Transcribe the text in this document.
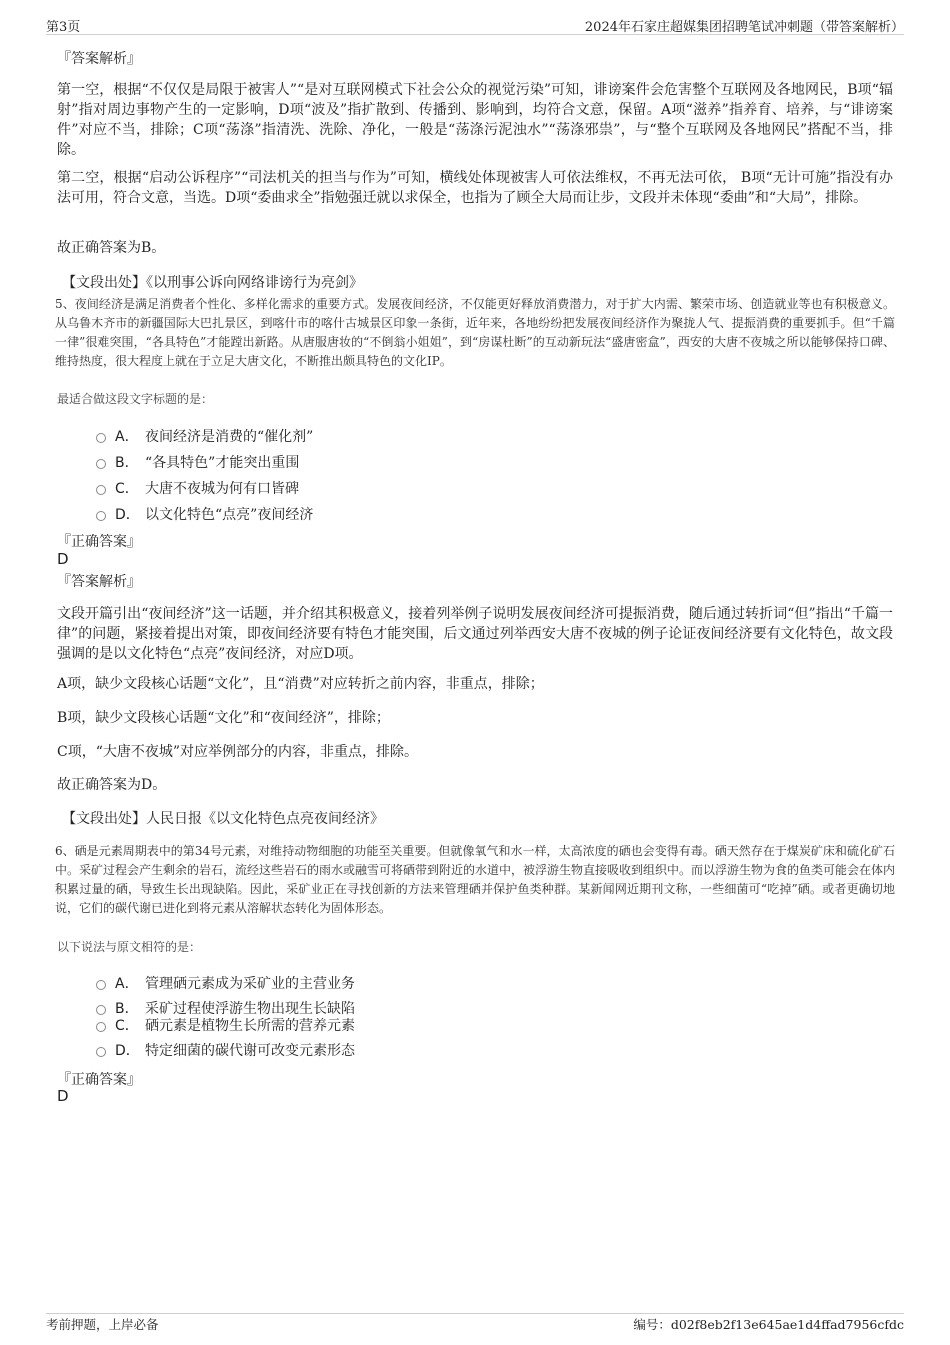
第3页	2024年石家庄超媒集团招聘笔试冲刺题（带答案解析）
『答案解析』
第一空，根据“不仅仅是局限于被害人”“是对互联网模式下社会公众的视觉污染”可知，诽谤案件会危害整个互联网及各地网民，B项“辐射”指对周边事物产生的一定影响，D项“波及”指扩散到、传播到、影响到，均符合文意，保留。A项“滋养”指养育、培养，与“诽谤案件”对应不当，排除；C项“荡涤”指清洗、洗除、净化，一般是“荡涤污泥浊水”“荡涤邪祟”，与“整个互联网及各地网民”搭配不当，排除。
第二空，根据“启动公诉程序”“司法机关的担当与作为”可知，横线处体现被害人可依法维权，不再无法可依， B项“无计可施”指没有办法可用，符合文意，当选。D项“委曲求全”指勉强迁就以求保全，也指为了顾全大局而让步，文段并未体现“委曲”和“大局”，排除。
故正确答案为B。
【文段出处】《以刑事公诉向网络诽谤行为亮剑》
5、夜间经济是满足消费者个性化、多样化需求的重要方式。发展夜间经济，不仅能更好释放消费潜力，对于扩大内需、繁荣市场、创造就业等也有积极意义。从乌鲁木齐市的新疆国际大巴扎景区，到喀什市的喀什古城景区印象一条街，近年来，各地纷纷把发展夜间经济作为聚拢人气、提振消费的重要抓手。但“千篇一律”很难突围，“各具特色”才能蹚出新路。从唐服唐妆的“不倒翁小姐姐”，到“房谋杜断”的互动新玩法“盛唐密盒”，西安的大唐不夜城之所以能够保持口碑、维持热度，很大程度上就在于立足大唐文化，不断推出颇具特色的文化IP。
最适合做这段文字标题的是：
A． 夜间经济是消费的“催化剂”
B． “各具特色”才能突出重围
C． 大唐不夜城为何有口皆碑
D． 以文化特色“点亮”夜间经济
『正确答案』
D
『答案解析』
文段开篇引出“夜间经济”这一话题，并介绍其积极意义，接着列举例子说明发展夜间经济可提振消费，随后通过转折词“但”指出“千篇一律”的问题，紧接着提出对策，即夜间经济要有特色才能突围，后文通过列举西安大唐不夜城的例子论证夜间经济要有文化特色，故文段强调的是以文化特色“点亮”夜间经济，对应D项。
A项，缺少文段核心话题“文化”，且“消费”对应转折之前内容，非重点，排除；
B项，缺少文段核心话题“文化”和“夜间经济”，排除；
C项，“大唐不夜城”对应举例部分的内容，非重点，排除。
故正确答案为D。
【文段出处】人民日报《以文化特色点亮夜间经济》
6、硒是元素周期表中的第34号元素，对维持动物细胞的功能至关重要。但就像氧气和水一样，太高浓度的硒也会变得有毒。硒天然存在于煤炭矿床和硫化矿石中。采矿过程会产生剩余的岩石，流经这些岩石的雨水或融雪可将硒带到附近的水道中，被浮游生物直接吸收到组织中。而以浮游生物为食的鱼类可能会在体内积累过量的硒，导致生长出现缺陷。因此，采矿业正在寻找创新的方法来管理硒并保护鱼类种群。某新闻网近期刊文称，一些细菌可“吃掉”硒。或者更确切地说，它们的碳代谢已进化到将元素从溶解状态转化为固体形态。
以下说法与原文相符的是：
A． 管理硒元素成为采矿业的主营业务
B． 采矿过程使浮游生物出现生长缺陷
C． 硒元素是植物生长所需的营养元素
D． 特定细菌的碳代谢可改变元素形态
『正确答案』
D
考前押题，上岸必备	编号：d02f8eb2f13e645ae1d4ffad7956cfdc
